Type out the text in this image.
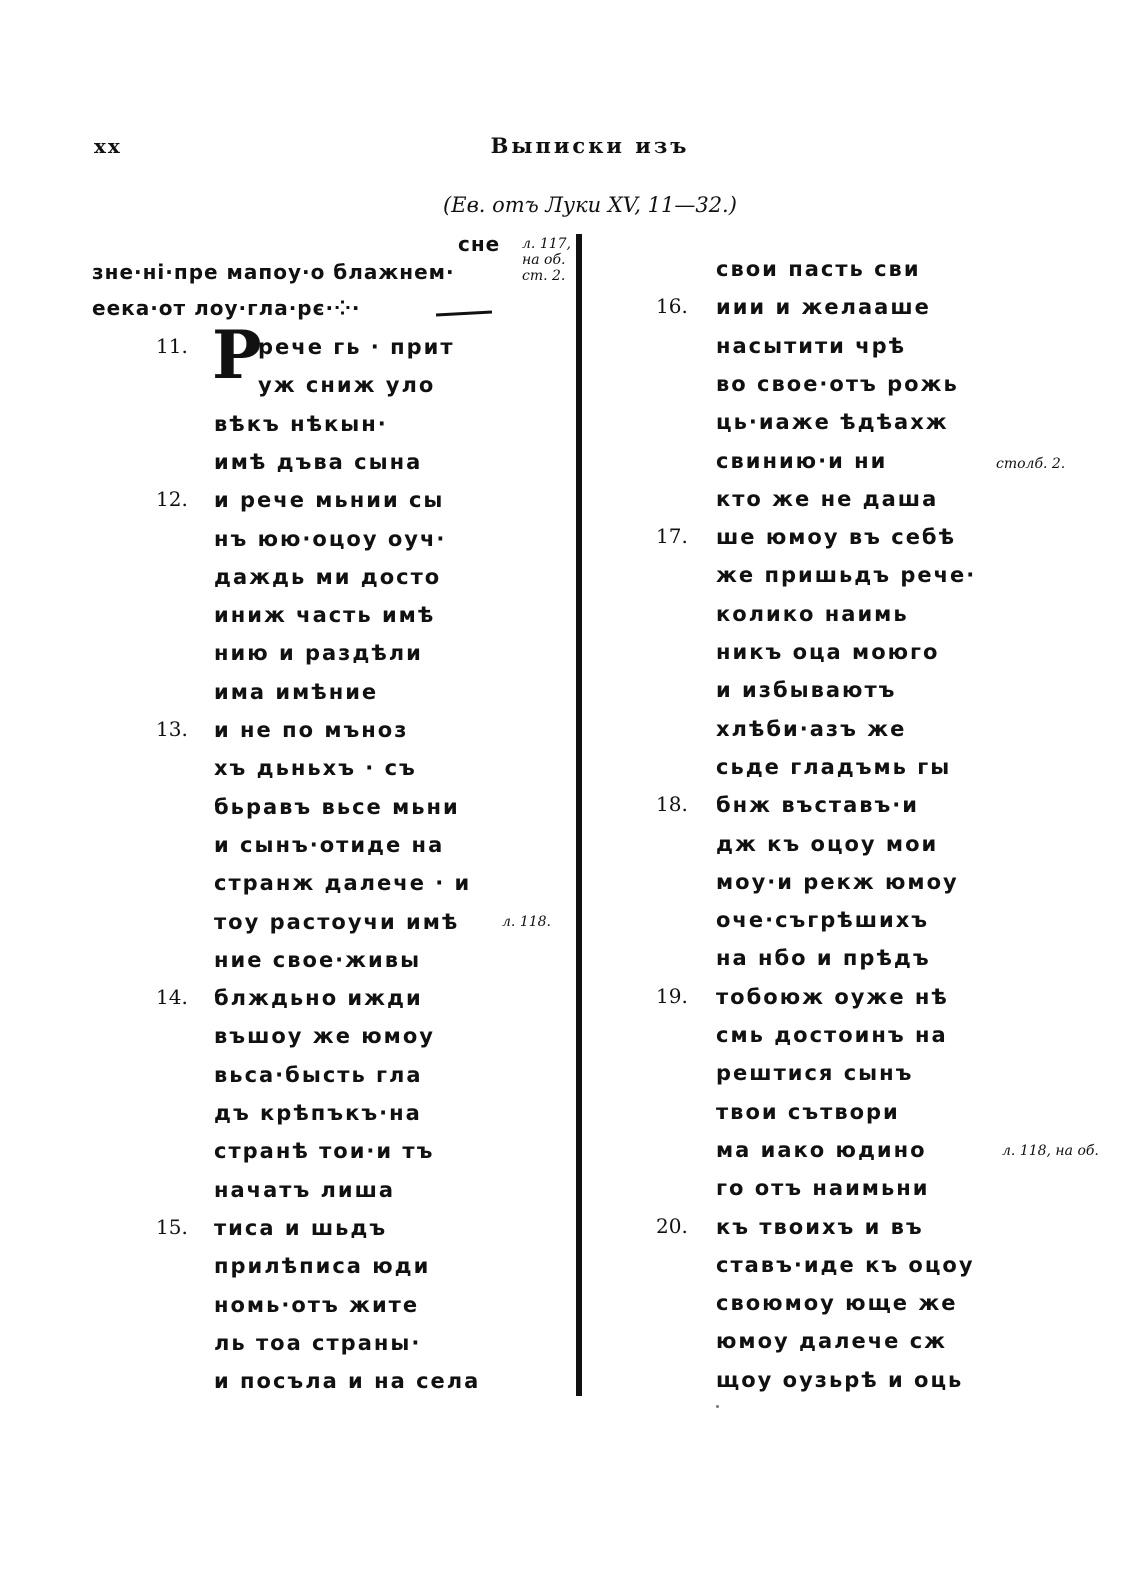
xx	Выписки изъ
(Ев. отъ Луки XV, 11—32.)
сне
зне·ні·пре мапоу·о блажнем·
еека·от лоу·гла·рє·⁘·
л. 117,
на об.
ст. 2.
л. 118.
столб. 2.
л. 118, на об.
11. Р
рече гь · прит
уж сниж уло
вѣкъ нѣкын·
имѣ дъва сына
12. и рече мьнии сы
нъ юю·оцоу оуч·
даждь ми досто
иниж часть имѣ
нию и раздѣли
има имѣние
13. и не по мъноз
хъ дьньхъ · съ
бьравъ вьсе мьни
и сынъ·отиде на
странж далече · и
тоу растоучи имѣ
ние свое·живы
14. блждьно ижди
въшоу же юмоу
вьса·бысть гла
дъ крѣпъкъ·на
странѣ тои·и тъ
начатъ лиша
15. тиса и шьдъ
прилѣписа юди
номь·отъ жите
ль тоа страны·
и посъла и на села
свои пасть сви
16. иии и желааше
насытити чрѣ
во свое·отъ рожь
ць·иаже ѣдѣахж
свинию·и ни
кто же не даша
17. ше юмоу въ себѣ
же пришьдъ рече·
колико наимь
никъ оца моюго
и избываютъ
хлѣби·азъ же
сьде гладъмь гы
18. бнж въставъ·и
дж къ оцоу мои
моу·и рекж юмоу
оче·съгрѣшихъ
на нбо и прѣдъ
19. тобоюж оуже нѣ
смь достоинъ на
рештися сынъ
твои сътвори
ма иако юдино
го отъ наимьни
20. къ твоихъ и въ
ставъ·иде къ оцоу
своюмоу юще же
юмоу далече сж
щоу оузьрѣ и оць
